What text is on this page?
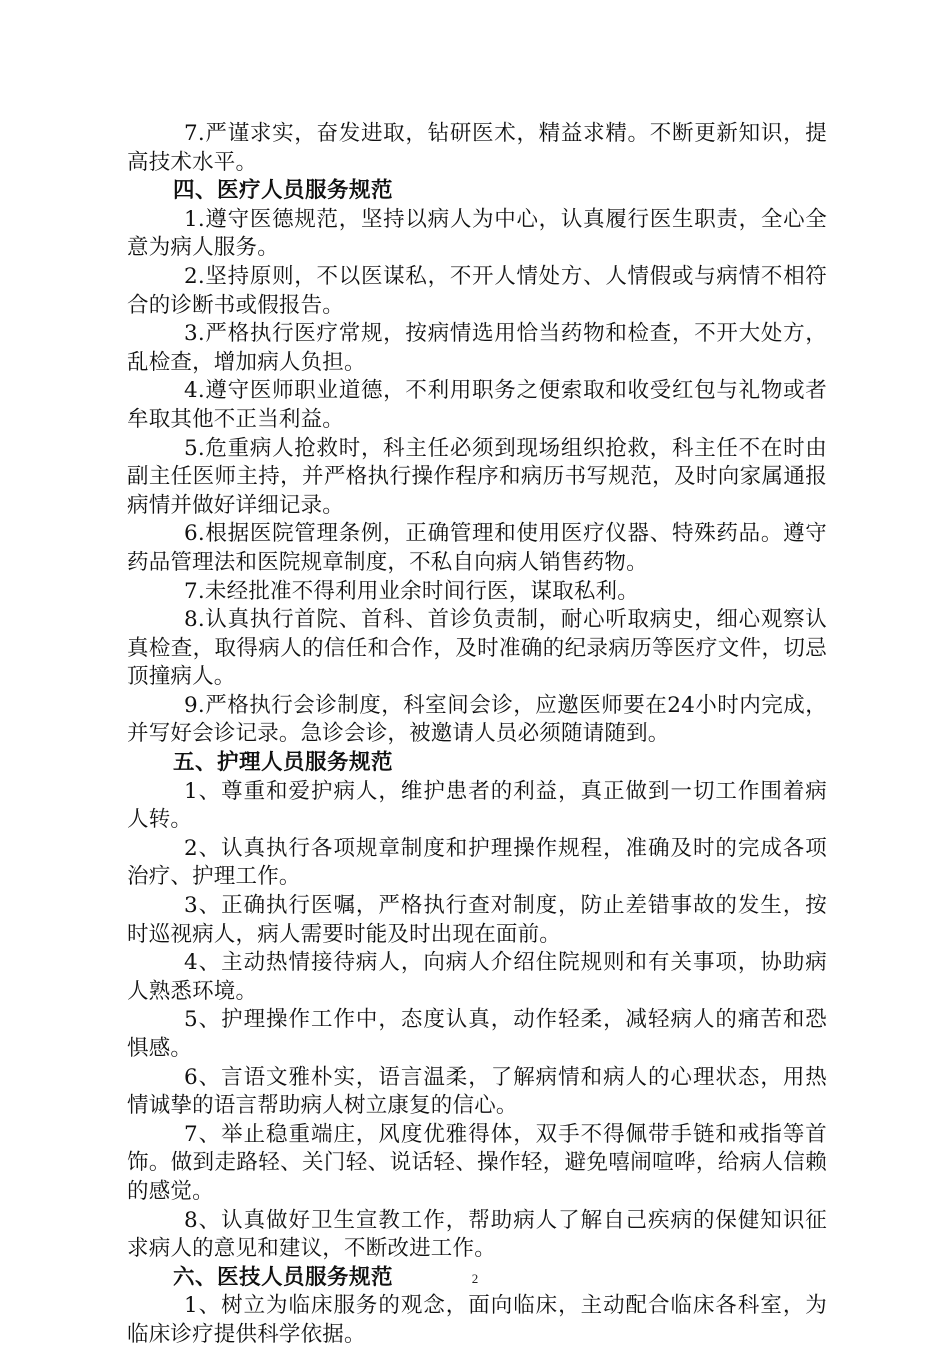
7.严谨求实，奋发进取，钻研医术，精益求精。不断更新知识，提高技术水平。

四、医疗人员服务规范

1.遵守医德规范，坚持以病人为中心，认真履行医生职责，全心全意为病人服务。

2.坚持原则，不以医谋私，不开人情处方、人情假或与病情不相符合的诊断书或假报告。

3.严格执行医疗常规，按病情选用恰当药物和检查，不开大处方，乱检查，增加病人负担。

4.遵守医师职业道德，不利用职务之便索取和收受红包与礼物或者牟取其他不正当利益。

5.危重病人抢救时，科主任必须到现场组织抢救，科主任不在时由副主任医师主持，并严格执行操作程序和病历书写规范，及时向家属通报病情并做好详细记录。

6.根据医院管理条例，正确管理和使用医疗仪器、特殊药品。遵守药品管理法和医院规章制度，不私自向病人销售药物。

7.未经批准不得利用业余时间行医，谋取私利。

8.认真执行首院、首科、首诊负责制，耐心听取病史，细心观察认真检查，取得病人的信任和合作，及时准确的纪录病历等医疗文件，切忌顶撞病人。

9.严格执行会诊制度，科室间会诊，应邀医师要在24小时内完成，并写好会诊记录。急诊会诊，被邀请人员必须随请随到。

五、护理人员服务规范

1、尊重和爱护病人，维护患者的利益，真正做到一切工作围着病人转。

2、认真执行各项规章制度和护理操作规程，准确及时的完成各项治疗、护理工作。

3、正确执行医嘱，严格执行查对制度，防止差错事故的发生，按时巡视病人，病人需要时能及时出现在面前。

4、主动热情接待病人，向病人介绍住院规则和有关事项，协助病人熟悉环境。

5、护理操作工作中，态度认真，动作轻柔，减轻病人的痛苦和恐惧感。

6、言语文雅朴实，语言温柔，了解病情和病人的心理状态，用热情诚挚的语言帮助病人树立康复的信心。

7、举止稳重端庄，风度优雅得体，双手不得佩带手链和戒指等首饰。做到走路轻、关门轻、说话轻、操作轻，避免嘻闹喧哗，给病人信赖的感觉。

8、认真做好卫生宣教工作，帮助病人了解自己疾病的保健知识征求病人的意见和建议，不断改进工作。

六、医技人员服务规范

1、树立为临床服务的观念，面向临床，主动配合临床各科室，为临床诊疗提供科学依据。

2
